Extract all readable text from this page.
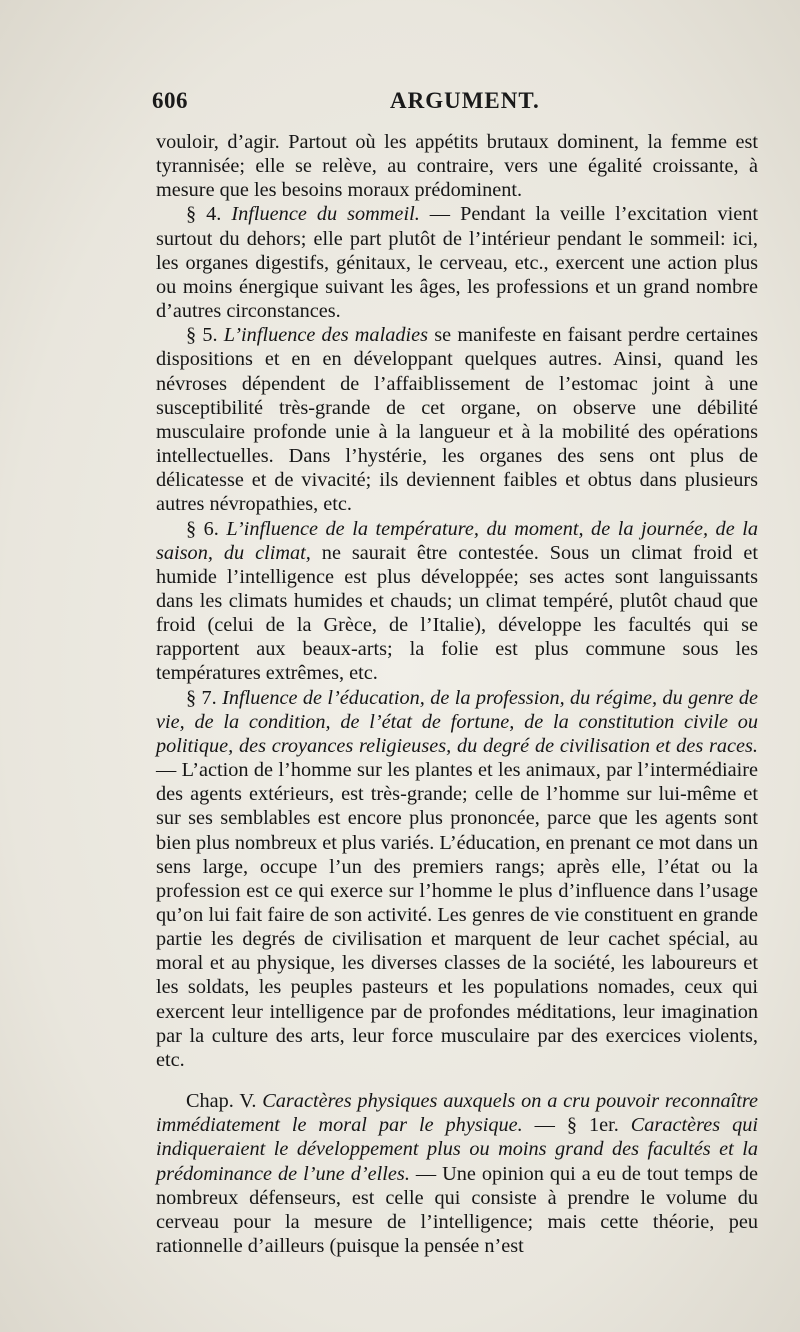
606	ARGUMENT.

vouloir, d’agir. Partout où les appétits brutaux dominent, la femme est tyrannisée; elle se relève, au contraire, vers une égalité croissante, à mesure que les besoins moraux prédominent.

§ 4. Influence du sommeil. — Pendant la veille l’excitation vient surtout du dehors; elle part plutôt de l’intérieur pendant le sommeil: ici, les organes digestifs, génitaux, le cerveau, etc., exercent une action plus ou moins énergique suivant les âges, les professions et un grand nombre d’autres circonstances.

§ 5. L’influence des maladies se manifeste en faisant perdre certaines dispositions et en en développant quelques autres. Ainsi, quand les névroses dépendent de l’affaiblissement de l’estomac joint à une susceptibilité très-grande de cet organe, on observe une débilité musculaire profonde unie à la langueur et à la mobilité des opérations intellectuelles. Dans l’hystérie, les organes des sens ont plus de délicatesse et de vivacité; ils deviennent faibles et obtus dans plusieurs autres névropathies, etc.

§ 6. L’influence de la température, du moment, de la journée, de la saison, du climat, ne saurait être contestée. Sous un climat froid et humide l’intelligence est plus développée; ses actes sont languissants dans les climats humides et chauds; un climat tempéré, plutôt chaud que froid (celui de la Grèce, de l’Italie), développe les facultés qui se rapportent aux beaux-arts; la folie est plus commune sous les températures extrêmes, etc.

§ 7. Influence de l’éducation, de la profession, du régime, du genre de vie, de la condition, de l’état de fortune, de la constitution civile ou politique, des croyances religieuses, du degré de civilisation et des races. — L’action de l’homme sur les plantes et les animaux, par l’intermédiaire des agents extérieurs, est très-grande; celle de l’homme sur lui-même et sur ses semblables est encore plus prononcée, parce que les agents sont bien plus nombreux et plus variés. L’éducation, en prenant ce mot dans un sens large, occupe l’un des premiers rangs; après elle, l’état ou la profession est ce qui exerce sur l’homme le plus d’influence dans l’usage qu’on lui fait faire de son activité. Les genres de vie constituent en grande partie les degrés de civilisation et marquent de leur cachet spécial, au moral et au physique, les diverses classes de la société, les laboureurs et les soldats, les peuples pasteurs et les populations nomades, ceux qui exercent leur intelligence par de profondes méditations, leur imagination par la culture des arts, leur force musculaire par des exercices violents, etc.

Chap. V. Caractères physiques auxquels on a cru pouvoir reconnaître immédiatement le moral par le physique. — § 1er. Caractères qui indiqueraient le développement plus ou moins grand des facultés et la prédominance de l’une d’elles. — Une opinion qui a eu de tout temps de nombreux défenseurs, est celle qui consiste à prendre le volume du cerveau pour la mesure de l’intelligence; mais cette théorie, peu rationnelle d’ailleurs (puisque la pensée n’est
